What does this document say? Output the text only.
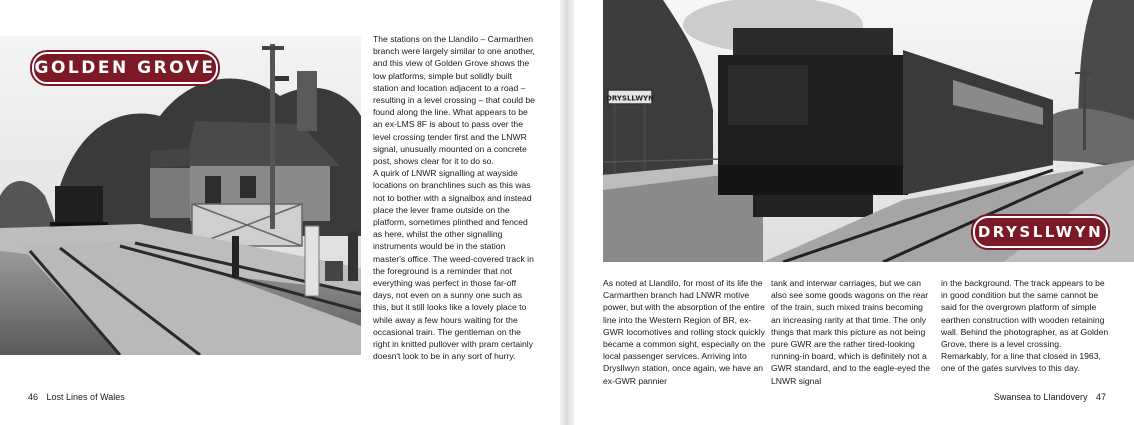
GOLDEN GROVE
The stations on the Llandilo – Carmarthen branch were largely similar to one another, and this view of Golden Grove shows the low platforms, simple but solidly built station and location adjacent to a road – resulting in a level crossing – that could be found along the line. What appears to be an ex-LMS 8F is about to pass over the level crossing tender first and the LNWR signal, unusually mounted on a concrete post, shows clear for it to do so.
A quirk of LNWR signalling at wayside locations on branchlines such as this was not to bother with a signalbox and instead place the lever frame outside on the platform, sometimes plinthed and fenced as here, whilst the other signalling instruments would be in the station master's office. The weed-covered track in the foreground is a reminder that not everything was perfect in those far-off days, not even on a sunny one such as this, but it still looks like a lovely place to while away a few hours waiting for the occasional train. The gentleman on the right in knitted pullover with pram certainly doesn't look to be in any sort of hurry.
46 Lost Lines of Wales
DRYSLLWYN
DRYSLLWYN
As noted at Llandilo, for most of its life the Carmarthen branch had LNWR motive power, but with the absorption of the entire line into the Western Region of BR, ex-GWR locomotives and rolling stock quickly became a common sight, especially on the local passenger services. Arriving into Drysllwyn station, once again, we have an ex-GWR pannier
tank and interwar carriages, but we can also see some goods wagons on the rear of the train, such mixed trains becoming an increasing rarity at that time. The only things that mark this picture as not being pure GWR are the rather tired-looking running-in board, which is definitely not a GWR standard, and to the eagle-eyed the LNWR signal
in the background. The track appears to be in good condition but the same cannot be said for the overgrown platform of simple earthen construction with wooden retaining wall. Behind the photographer, as at Golden Grove, there is a level crossing. Remarkably, for a line that closed in 1963, one of the gates survives to this day.
Swansea to Llandovery 47
